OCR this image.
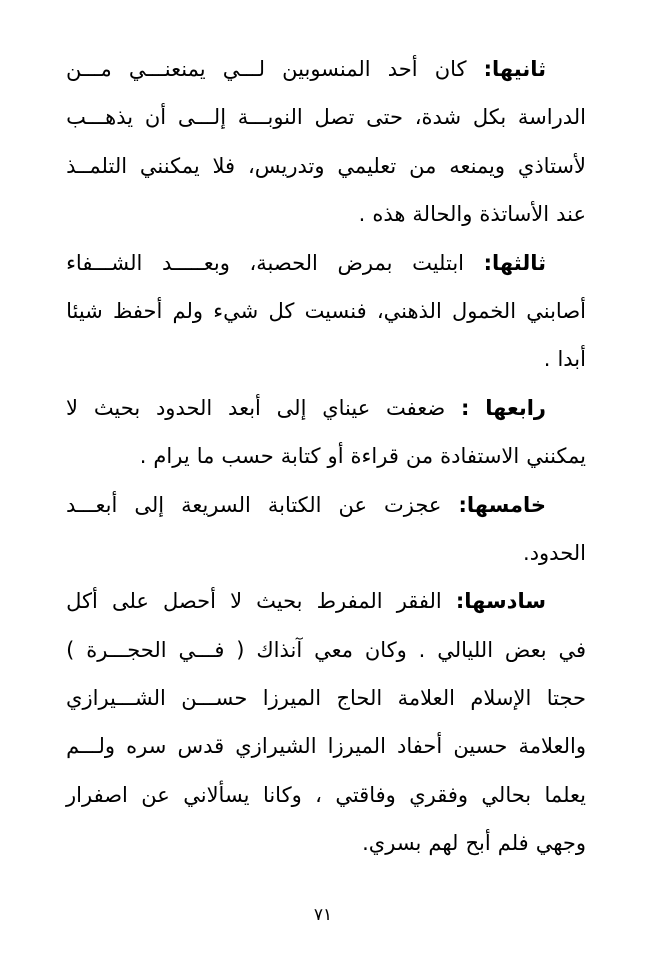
ثانيها:
كان
أحد
المنسوبين
لـــي
يمنعنـــي
مـــن
الدراسة
بكل
شدة،
حتى
تصل
النوبـــة
إلـــى
أن
يذهـــب
لأستاذي
ويمنعه
من
تعليمي
وتدريس،
فلا
يمكنني
التلمــذ
عند
الأساتذة
والحالة
هذه
.
ثالثها:
ابتليت
بمرض
الحصبة،
وبعـــــد
الشـــفاء
أصابني
الخمول
الذهني،
فنسيت
كل
شيء
ولم
أحفظ
شيئا
أبدا
.
رابعها
:
ضعفت
عيناي
إلى
أبعد
الحدود
بحيث
لا
يمكنني
الاستفادة
من
قراءة
أو
كتابة
حسب
ما
يرام
.
خامسها:
عجزت
عن
الكتابة
السريعة
إلى
أبعـــد
الحدود.
سادسها:
الفقر
المفرط
بحيث
لا
أحصل
على
أكل
في
بعض
الليالي
.
وكان
معي
آنذاك
(
فـــي
الحجـــرة
)
حجتا
الإسلام
العلامة
الحاج
الميرزا
حســـن
الشـــيرازي
والعلامة
حسين
أحفاد
الميرزا
الشيرازي
قدس
سره
ولـــم
يعلما
بحالي
وفقري
وفاقتي
،
وكانا
يسألاني
عن
اصفرار
وجهي
فلم
أبح
لهم
بسري.
٧١
